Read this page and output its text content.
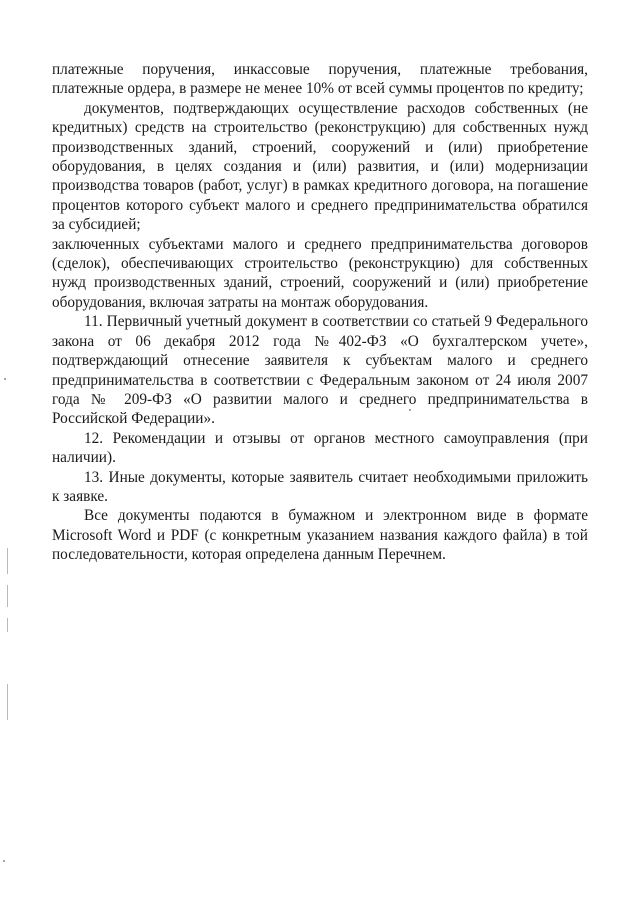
платежные поручения, инкассовые поручения, платежные требования, платежные ордера, в размере не менее 10% от всей суммы процентов по кредиту;

документов, подтверждающих осуществление расходов собственных (не кредитных) средств на строительство (реконструкцию) для собственных нужд производственных зданий, строений, сооружений и (или) приобретение оборудования, в целях создания и (или) развития, и (или) модернизации производства товаров (работ, услуг) в рамках кредитного договора, на погашение процентов которого субъект малого и среднего предпринимательства обратился за субсидией;

заключенных субъектами малого и среднего предпринимательства договоров (сделок), обеспечивающих строительство (реконструкцию) для собственных нужд производственных зданий, строений, сооружений и (или) приобретение оборудования, включая затраты на монтаж оборудования.

11. Первичный учетный документ в соответствии со статьей 9 Федерального закона от 06 декабря 2012 года №402-ФЗ «О бухгалтерском учете», подтверждающий отнесение заявителя к субъектам малого и среднего предпринимательства в соответствии с Федеральным законом от 24 июля 2007 года № 209-ФЗ «О развитии малого и среднего предпринимательства в Российской Федерации».

12. Рекомендации и отзывы от органов местного самоуправления (при наличии).

13. Иные документы, которые заявитель считает необходимыми приложить к заявке.

Все документы подаются в бумажном и электронном виде в формате Microsoft Word и PDF (с конкретным указанием названия каждого файла) в той последовательности, которая определена данным Перечнем.
